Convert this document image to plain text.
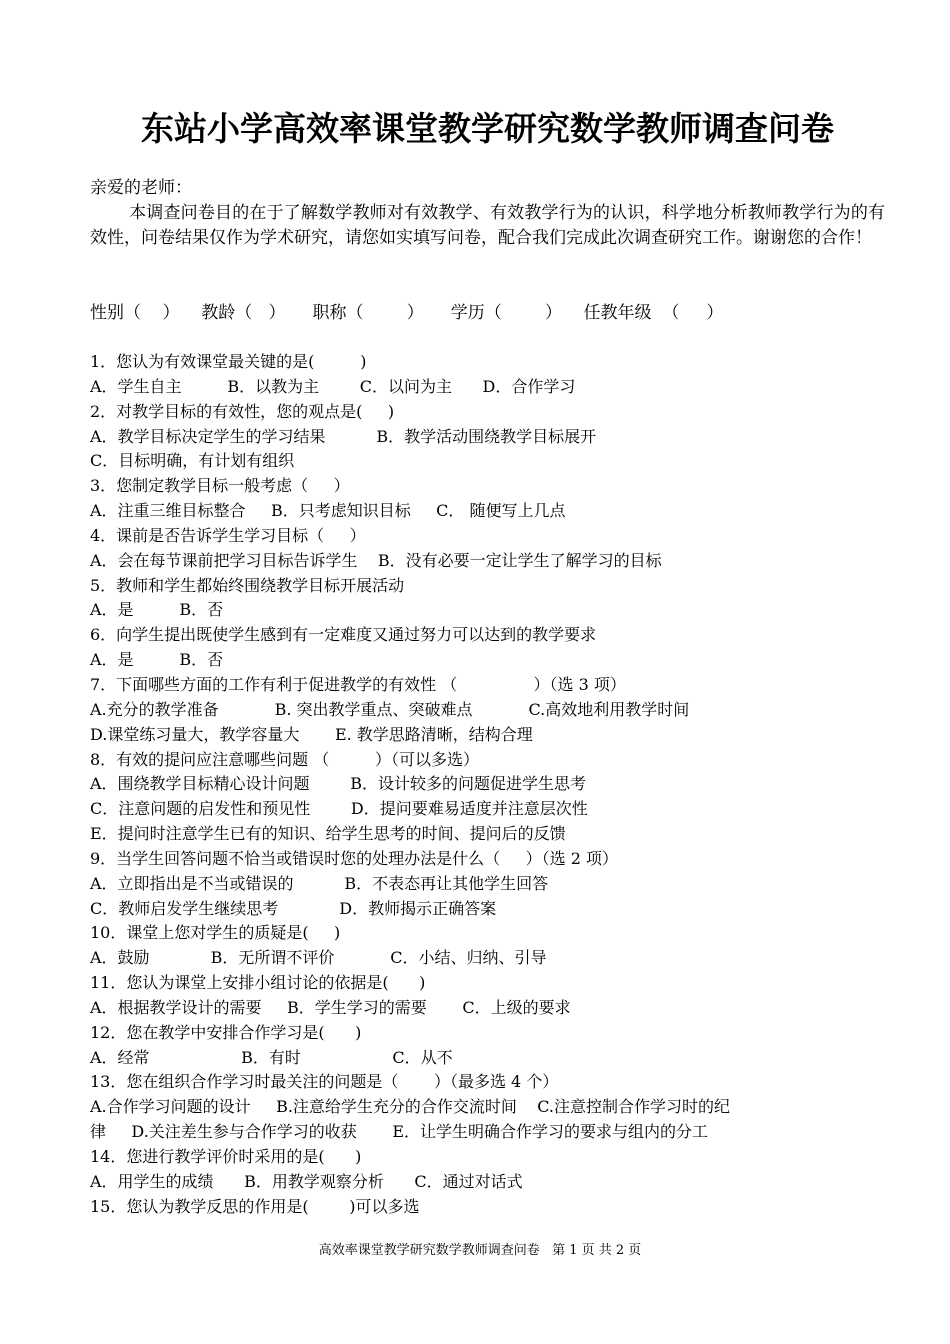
东站小学高效率课堂教学研究数学教师调查问卷
亲爱的老师：
本调查问卷目的在于了解数学教师对有效教学、有效教学行为的认识，科学地分析教师教学行为的有效性，问卷结果仅作为学术研究，请您如实填写问卷，配合我们完成此次调查研究工作。谢谢您的合作！
性别（    ）    教龄（   ）     职称（        ）     学历（        ）    任教年级  （     ）
1．您认为有效课堂最关键的是(         )
A．学生自主         B．以教为主        C．以问为主      D．合作学习
2．对教学目标的有效性，您的观点是(     )
A．教学目标决定学生的学习结果          B．教学活动围绕教学目标展开
C．目标明确，有计划有组织
3．您制定教学目标一般考虑（     ）
A．注重三维目标整合     B．只考虑知识目标     C． 随便写上几点
4．课前是否告诉学生学习目标（     ）
A．会在每节课前把学习目标告诉学生    B．没有必要一定让学生了解学习的目标
5．教师和学生都始终围绕教学目标开展活动
A．是         B．否
6．向学生提出既使学生感到有一定难度又通过努力可以达到的教学要求
A．是         B．否
7．下面哪些方面的工作有利于促进教学的有效性 （               ）（选 3 项）
A.充分的教学准备           B. 突出教学重点、突破难点           C.高效地利用教学时间
D.课堂练习量大，教学容量大       E. 教学思路清晰，结构合理
8．有效的提问应注意哪些问题 （         ）（可以多选）
A．围绕教学目标精心设计问题        B．设计较多的问题促进学生思考
C．注意问题的启发性和预见性        D．提问要难易适度并注意层次性
E．提问时注意学生已有的知识、给学生思考的时间、提问后的反馈
9．当学生回答问题不恰当或错误时您的处理办法是什么（     ）（选 2 项）
A．立即指出是不当或错误的          B．不表态再让其他学生回答
C．教师启发学生继续思考            D．教师揭示正确答案
10．课堂上您对学生的质疑是(     )
A．鼓励            B．无所谓不评价           C．小结、归纳、引导
11．您认为课堂上安排小组讨论的依据是(      )
A．根据教学设计的需要     B．学生学习的需要       C．上级的要求
12．您在教学中安排合作学习是(      )
A．经常                  B．有时                  C．从不
13．您在组织合作学习时最关注的问题是（       ）（最多选 4 个）
A.合作学习问题的设计     B.注意给学生充分的合作交流时间    C.注意控制合作学习时的纪
律     D.关注差生参与合作学习的收获       E．让学生明确合作学习的要求与组内的分工
14．您进行教学评价时采用的是(      )
A．用学生的成绩      B．用教学观察分析      C．通过对话式
15．您认为教学反思的作用是(        )可以多选
高效率课堂教学研究数学教师调查问卷   第 1 页 共 2 页
